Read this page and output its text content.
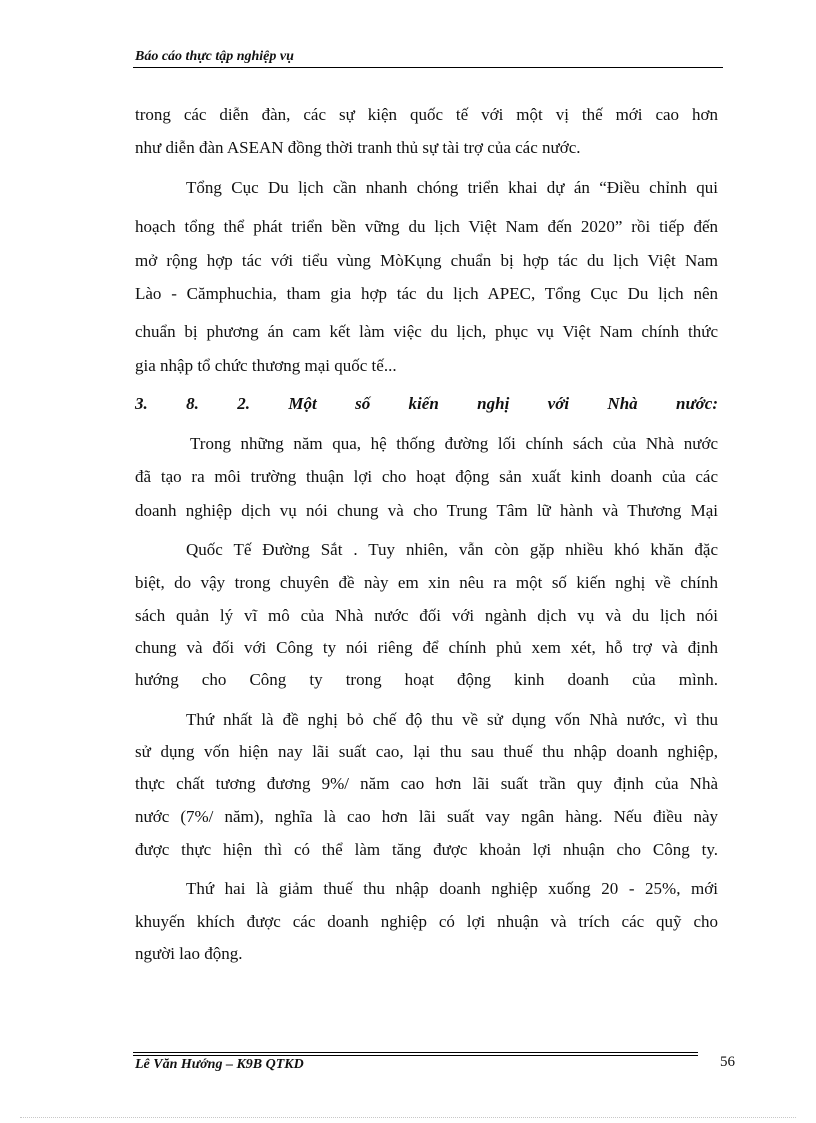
Báo cáo thực tập nghiệp vụ
trong các diễn đàn, các sự kiện quốc tế với một vị thế mới cao hơn
như diễn đàn ASEAN đồng thời tranh thủ sự tài trợ của các nước.
Tổng Cục Du lịch cần nhanh chóng triển khai dự án “Điều chỉnh qui
hoạch tổng thể phát triển bền vững du lịch Việt Nam đến 2020” rồi tiếp đến
mở rộng hợp tác với tiểu vùng MòKụng chuẩn bị hợp tác du lịch Việt Nam
Lào - Cămphuchia, tham gia hợp tác du lịch APEC, Tổng Cục Du lịch nên
chuẩn bị phương án cam kết làm việc du lịch, phục vụ Việt Nam chính thức
gia nhập tổ chức thương mại quốc tế...
3. 8. 2. Một số kiến nghị với Nhà nước:
Trong những năm qua, hệ thống đường lối chính sách của Nhà nước
đã tạo ra môi trường thuận lợi cho hoạt động sản xuất kinh doanh của các
doanh nghiệp dịch vụ nói chung và cho Trung Tâm lữ hành và Thương Mại
Quốc Tế Đường Sắt . Tuy nhiên, vẫn còn gặp nhiều khó khăn đặc
biệt, do vậy trong chuyên đề này em xin nêu ra một số kiến nghị về chính
sách quản lý vĩ mô của Nhà nước đối với ngành dịch vụ và du lịch nói
chung và đối với Công ty nói riêng để chính phủ xem xét, hỗ trợ và định
hướng cho Công ty trong hoạt động kinh doanh của mình.
Thứ nhất là đề nghị bỏ chế độ thu về sử dụng vốn Nhà nước, vì thu
sử dụng vốn hiện nay lãi suất cao, lại thu sau thuế thu nhập doanh nghiệp,
thực chất tương đương 9%/ năm cao hơn lãi suất trần quy định của Nhà
nước (7%/ năm), nghĩa là cao hơn lãi suất vay ngân hàng. Nếu điều này
được thực hiện thì có thể làm tăng được khoản lợi nhuận cho Công ty.
Thứ hai là giảm thuế thu nhập doanh nghiệp xuống 20 - 25%, mới
khuyến khích được các doanh nghiệp có lợi nhuận và trích các quỹ cho
người lao động.
Lê Văn Hướng – K9B QTKD	56
